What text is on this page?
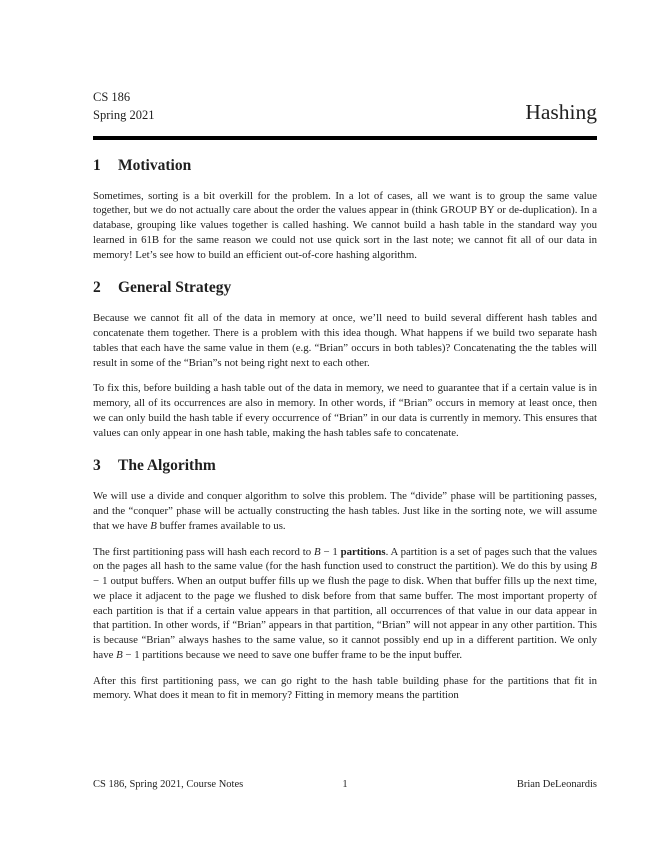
CS 186
Spring 2021	Hashing
1	Motivation

Sometimes, sorting is a bit overkill for the problem. In a lot of cases, all we want is to group the same value together, but we do not actually care about the order the values appear in (think GROUP BY or de-duplication). In a database, grouping like values together is called hashing. We cannot build a hash table in the standard way you learned in 61B for the same reason we could not use quick sort in the last note; we cannot fit all of our data in memory! Let’s see how to build an efficient out-of-core hashing algorithm.

2	General Strategy

Because we cannot fit all of the data in memory at once, we’ll need to build several different hash tables and concatenate them together. There is a problem with this idea though. What happens if we build two separate hash tables that each have the same value in them (e.g. “Brian” occurs in both tables)? Concatenating the the tables will result in some of the “Brian”s not being right next to each other.

To fix this, before building a hash table out of the data in memory, we need to guarantee that if a certain value is in memory, all of its occurrences are also in memory. In other words, if “Brian” occurs in memory at least once, then we can only build the hash table if every occurrence of “Brian” in our data is currently in memory. This ensures that values can only appear in one hash table, making the hash tables safe to concatenate.

3	The Algorithm

We will use a divide and conquer algorithm to solve this problem. The “divide” phase will be partitioning passes, and the “conquer” phase will be actually constructing the hash tables. Just like in the sorting note, we will assume that we have B buffer frames available to us.

The first partitioning pass will hash each record to B − 1 partitions. A partition is a set of pages such that the values on the pages all hash to the same value (for the hash function used to construct the partition). We do this by using B − 1 output buffers. When an output buffer fills up we flush the page to disk. When that buffer fills up the next time, we place it adjacent to the page we flushed to disk before from that same buffer. The most important property of each partition is that if a certain value appears in that partition, all occurrences of that value in our data appear in that partition. In other words, if “Brian” appears in that partition, “Brian” will not appear in any other partition. This is because “Brian” always hashes to the same value, so it cannot possibly end up in a different partition. We only have B − 1 partitions because we need to save one buffer frame to be the input buffer.

After this first partitioning pass, we can go right to the hash table building phase for the partitions that fit in memory. What does it mean to fit in memory? Fitting in memory means the partition

CS 186, Spring 2021, Course Notes	1	Brian DeLeonardis
